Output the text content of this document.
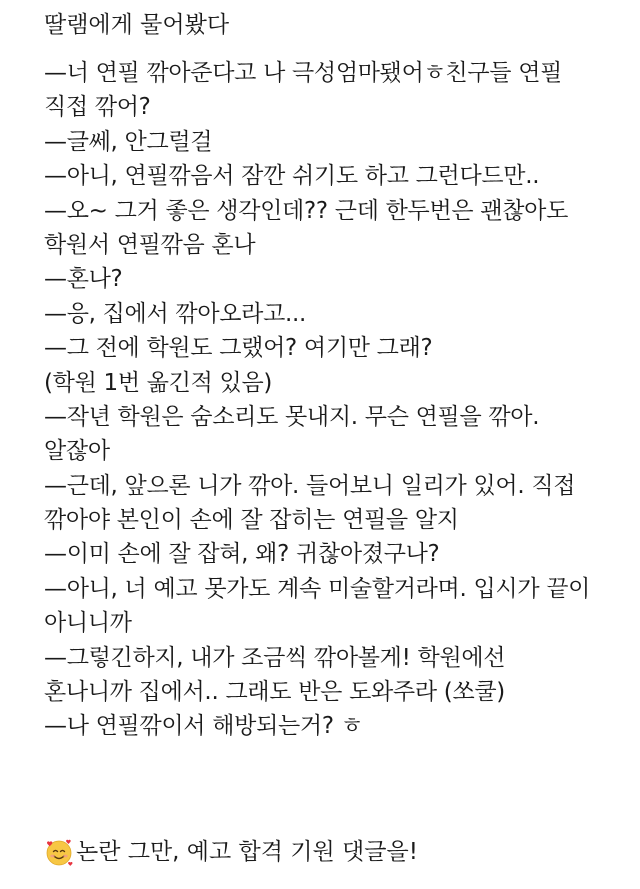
딸램에게 물어봤다
—너 연필 깎아준다고 나 극성엄마됐어ㅎ친구들 연필
직접 깎어?
—글쎄, 안그럴걸
—아니, 연필깎음서 잠깐 쉬기도 하고 그런다드만..
—오~ 그거 좋은 생각인데?? 근데 한두번은 괜찮아도
학원서 연필깎음 혼나
—혼나?
—응, 집에서 깎아오라고...
—그 전에 학원도 그랬어? 여기만 그래?
(학원 1번 옮긴적 있음)
—작년 학원은 숨소리도 못내지. 무슨 연필을 깎아.
알잖아
—근데, 앞으론 니가 깎아. 들어보니 일리가 있어. 직접
깎아야 본인이 손에 잘 잡히는 연필을 알지
—이미 손에 잘 잡혀, 왜? 귀찮아졌구나?
—아니, 너 예고 못가도 계속 미술할거라며. 입시가 끝이
아니니까
—그렇긴하지, 내가 조금씩 깎아볼게! 학원에선
혼나니까 집에서.. 그래도 반은 도와주라 (쏘쿨)
—나 연필깎이서 해방되는거? ㅎ
논란 그만, 예고 합격 기원 댓글을!
